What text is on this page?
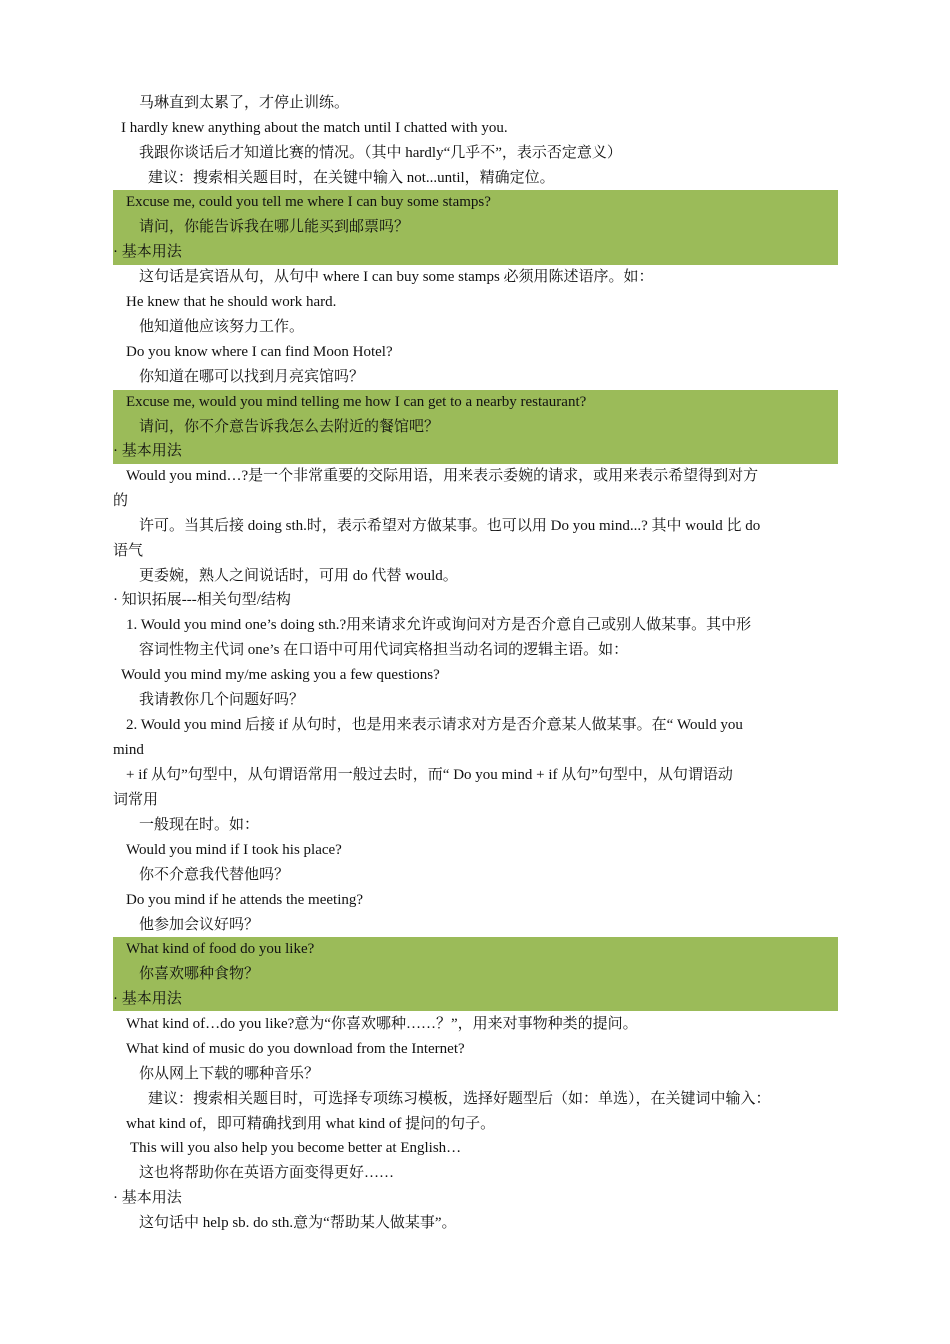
马琳直到太累了，才停止训练。
I hardly knew anything about the match until I chatted with you.
我跟你谈话后才知道比赛的情况。（其中 hardly“几乎不”，表示否定意义）
建议：搜索相关题目时，在关键中输入 not...until，精确定位。
Excuse me, could you tell me where I can buy some stamps?
请问，你能告诉我在哪儿能买到邮票吗？
· 基本用法
这句话是宾语从句，从句中 where I can buy some stamps 必须用陈述语序。如：
He knew that he should work hard.
他知道他应该努力工作。
Do you know where I can find Moon Hotel?
你知道在哪可以找到月亮宾馆吗？
Excuse me, would you mind telling me how I can get to a nearby restaurant?
请问，你不介意告诉我怎么去附近的餐馆吧？
· 基本用法
Would you mind…?是一个非常重要的交际用语，用来表示委婉的请求，或用来表示希望得到对方
的
许可。当其后接 doing sth.时，表示希望对方做某事。也可以用 Do you mind...? 其中 would 比 do
语气
更委婉，熟人之间说话时，可用 do 代替 would。
· 知识拓展---相关句型/结构
1. Would you mind one’s doing sth.?用来请求允许或询问对方是否介意自己或别人做某事。其中形
容词性物主代词 one’s 在口语中可用代词宾格担当动名词的逻辑主语。如：
Would you mind my/me asking you a few questions?
我请教你几个问题好吗？
2. Would you mind 后接 if 从句时，也是用来表示请求对方是否介意某人做某事。在“ Would you
mind
+ if 从句”句型中，从句谓语常用一般过去时，而“ Do you mind + if 从句”句型中，从句谓语动
词常用
一般现在时。如：
Would you mind if I took his place?
你不介意我代替他吗？
Do you mind if he attends the meeting?
他参加会议好吗？
What kind of food do you like?
你喜欢哪种食物？
· 基本用法
What kind of…do you like?意为“你喜欢哪种……？”，用来对事物种类的提问。
What kind of music do you download from the Internet?
你从网上下载的哪种音乐？
建议：搜索相关题目时，可选择专项练习模板，选择好题型后（如：单选），在关键词中输入：
what kind of，即可精确找到用 what kind of 提问的句子。
This will you also help you become better at English…
这也将帮助你在英语方面变得更好……
· 基本用法
这句话中 help sb. do sth.意为“帮助某人做某事”。
